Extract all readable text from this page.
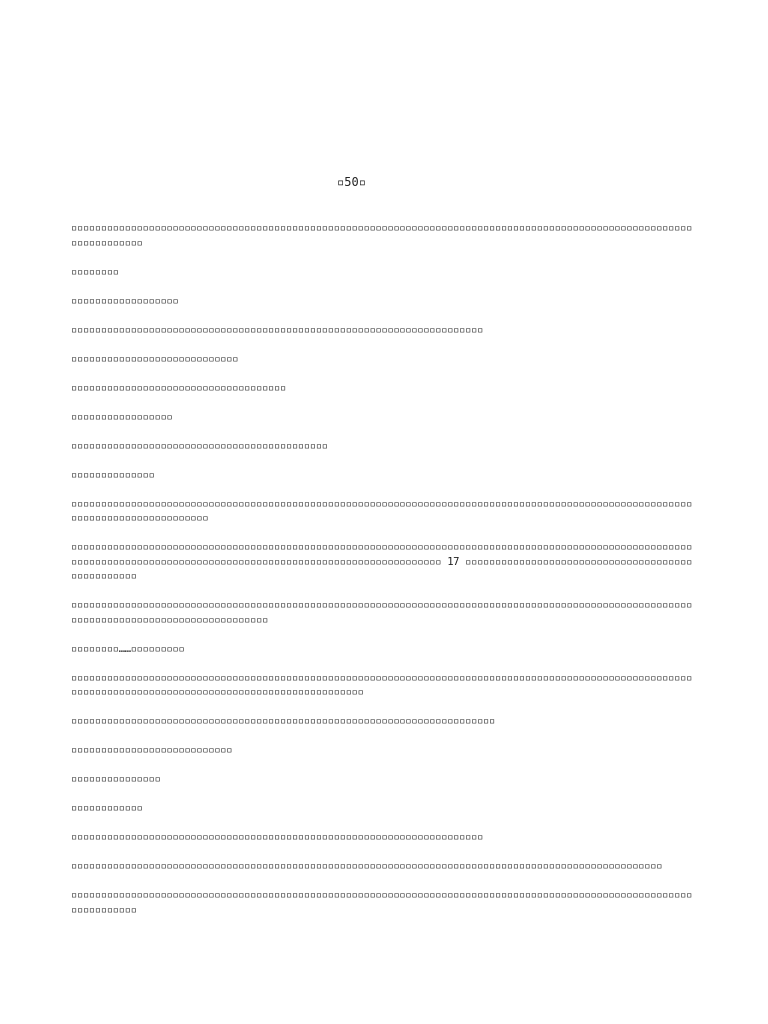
▫50▫

▫▫▫▫▫▫▫▫▫▫▫▫▫▫▫▫▫▫▫▫▫▫▫▫▫▫▫▫▫▫▫▫▫▫▫▫▫▫▫▫▫▫▫▫▫▫▫▫▫▫▫▫▫▫▫▫▫▫▫▫▫▫▫▫▫▫▫▫▫▫▫▫▫▫▫▫▫▫▫▫▫▫▫▫▫▫▫▫▫▫▫▫▫▫▫▫▫▫▫▫▫▫▫▫▫▫▫▫▫▫▫▫▫▫▫▫

▫▫▫▫▫▫▫▫

▫▫▫▫▫▫▫▫▫▫▫▫▫▫▫▫▫▫

▫▫▫▫▫▫▫▫▫▫▫▫▫▫▫▫▫▫▫▫▫▫▫▫▫▫▫▫▫▫▫▫▫▫▫▫▫▫▫▫▫▫▫▫▫▫▫▫▫▫▫▫▫▫▫▫▫▫▫▫▫▫▫▫▫▫▫▫▫

▫▫▫▫▫▫▫▫▫▫▫▫▫▫▫▫▫▫▫▫▫▫▫▫▫▫▫▫

▫▫▫▫▫▫▫▫▫▫▫▫▫▫▫▫▫▫▫▫▫▫▫▫▫▫▫▫▫▫▫▫▫▫▫▫

▫▫▫▫▫▫▫▫▫▫▫▫▫▫▫▫▫

▫▫▫▫▫▫▫▫▫▫▫▫▫▫▫▫▫▫▫▫▫▫▫▫▫▫▫▫▫▫▫▫▫▫▫▫▫▫▫▫▫▫▫

▫▫▫▫▫▫▫▫▫▫▫▫▫▫

▫▫▫▫▫▫▫▫▫▫▫▫▫▫▫▫▫▫▫▫▫▫▫▫▫▫▫▫▫▫▫▫▫▫▫▫▫▫▫▫▫▫▫▫▫▫▫▫▫▫▫▫▫▫▫▫▫▫▫▫▫▫▫▫▫▫▫▫▫▫▫▫▫▫▫▫▫▫▫▫▫▫▫▫▫▫▫▫▫▫▫▫▫▫▫▫▫▫▫▫▫▫▫▫▫▫▫▫▫▫▫▫▫▫▫▫▫▫▫▫▫▫▫▫▫▫▫

▫▫▫▫▫▫▫▫▫▫▫▫▫▫▫▫▫▫▫▫▫▫▫▫▫▫▫▫▫▫▫▫▫▫▫▫▫▫▫▫▫▫▫▫▫▫▫▫▫▫▫▫▫▫▫▫▫▫▫▫▫▫▫▫▫▫▫▫▫▫▫▫▫▫▫▫▫▫▫▫▫▫▫▫▫▫▫▫▫▫▫▫▫▫▫▫▫▫▫▫▫▫▫▫▫▫▫▫▫▫▫▫▫▫▫▫▫▫▫▫▫▫▫▫▫▫▫▫▫▫▫▫▫▫▫▫▫▫▫▫▫▫▫▫▫▫▫▫▫▫▫▫▫▫▫▫▫▫▫▫▫▫▫▫▫▫ 17 ▫▫▫▫▫▫▫▫▫▫▫▫▫▫▫▫▫▫▫▫▫▫▫▫▫▫▫▫▫▫▫▫▫▫▫▫▫▫▫▫▫▫▫▫▫▫▫▫▫

▫▫▫▫▫▫▫▫▫▫▫▫▫▫▫▫▫▫▫▫▫▫▫▫▫▫▫▫▫▫▫▫▫▫▫▫▫▫▫▫▫▫▫▫▫▫▫▫▫▫▫▫▫▫▫▫▫▫▫▫▫▫▫▫▫▫▫▫▫▫▫▫▫▫▫▫▫▫▫▫▫▫▫▫▫▫▫▫▫▫▫▫▫▫▫▫▫▫▫▫▫▫▫▫▫▫▫▫▫▫▫▫▫▫▫▫▫▫▫▫▫▫▫▫▫▫▫▫▫▫▫▫▫▫▫▫▫

▫▫▫▫▫▫▫▫……▫▫▫▫▫▫▫▫▫

▫▫▫▫▫▫▫▫▫▫▫▫▫▫▫▫▫▫▫▫▫▫▫▫▫▫▫▫▫▫▫▫▫▫▫▫▫▫▫▫▫▫▫▫▫▫▫▫▫▫▫▫▫▫▫▫▫▫▫▫▫▫▫▫▫▫▫▫▫▫▫▫▫▫▫▫▫▫▫▫▫▫▫▫▫▫▫▫▫▫▫▫▫▫▫▫▫▫▫▫▫▫▫▫▫▫▫▫▫▫▫▫▫▫▫▫▫▫▫▫▫▫▫▫▫▫▫▫▫▫▫▫▫▫▫▫▫▫▫▫▫▫▫▫▫▫▫▫▫▫▫▫▫

▫▫▫▫▫▫▫▫▫▫▫▫▫▫▫▫▫▫▫▫▫▫▫▫▫▫▫▫▫▫▫▫▫▫▫▫▫▫▫▫▫▫▫▫▫▫▫▫▫▫▫▫▫▫▫▫▫▫▫▫▫▫▫▫▫▫▫▫▫▫▫

▫▫▫▫▫▫▫▫▫▫▫▫▫▫▫▫▫▫▫▫▫▫▫▫▫▫▫

▫▫▫▫▫▫▫▫▫▫▫▫▫▫▫

▫▫▫▫▫▫▫▫▫▫▫▫

▫▫▫▫▫▫▫▫▫▫▫▫▫▫▫▫▫▫▫▫▫▫▫▫▫▫▫▫▫▫▫▫▫▫▫▫▫▫▫▫▫▫▫▫▫▫▫▫▫▫▫▫▫▫▫▫▫▫▫▫▫▫▫▫▫▫▫▫▫

▫▫▫▫▫▫▫▫▫▫▫▫▫▫▫▫▫▫▫▫▫▫▫▫▫▫▫▫▫▫▫▫▫▫▫▫▫▫▫▫▫▫▫▫▫▫▫▫▫▫▫▫▫▫▫▫▫▫▫▫▫▫▫▫▫▫▫▫▫▫▫▫▫▫▫▫▫▫▫▫▫▫▫▫▫▫▫▫▫▫▫▫▫▫▫▫▫▫▫

▫▫▫▫▫▫▫▫▫▫▫▫▫▫▫▫▫▫▫▫▫▫▫▫▫▫▫▫▫▫▫▫▫▫▫▫▫▫▫▫▫▫▫▫▫▫▫▫▫▫▫▫▫▫▫▫▫▫▫▫▫▫▫▫▫▫▫▫▫▫▫▫▫▫▫▫▫▫▫▫▫▫▫▫▫▫▫▫▫▫▫▫▫▫▫▫▫▫▫▫▫▫▫▫▫▫▫▫▫▫▫▫▫▫▫
